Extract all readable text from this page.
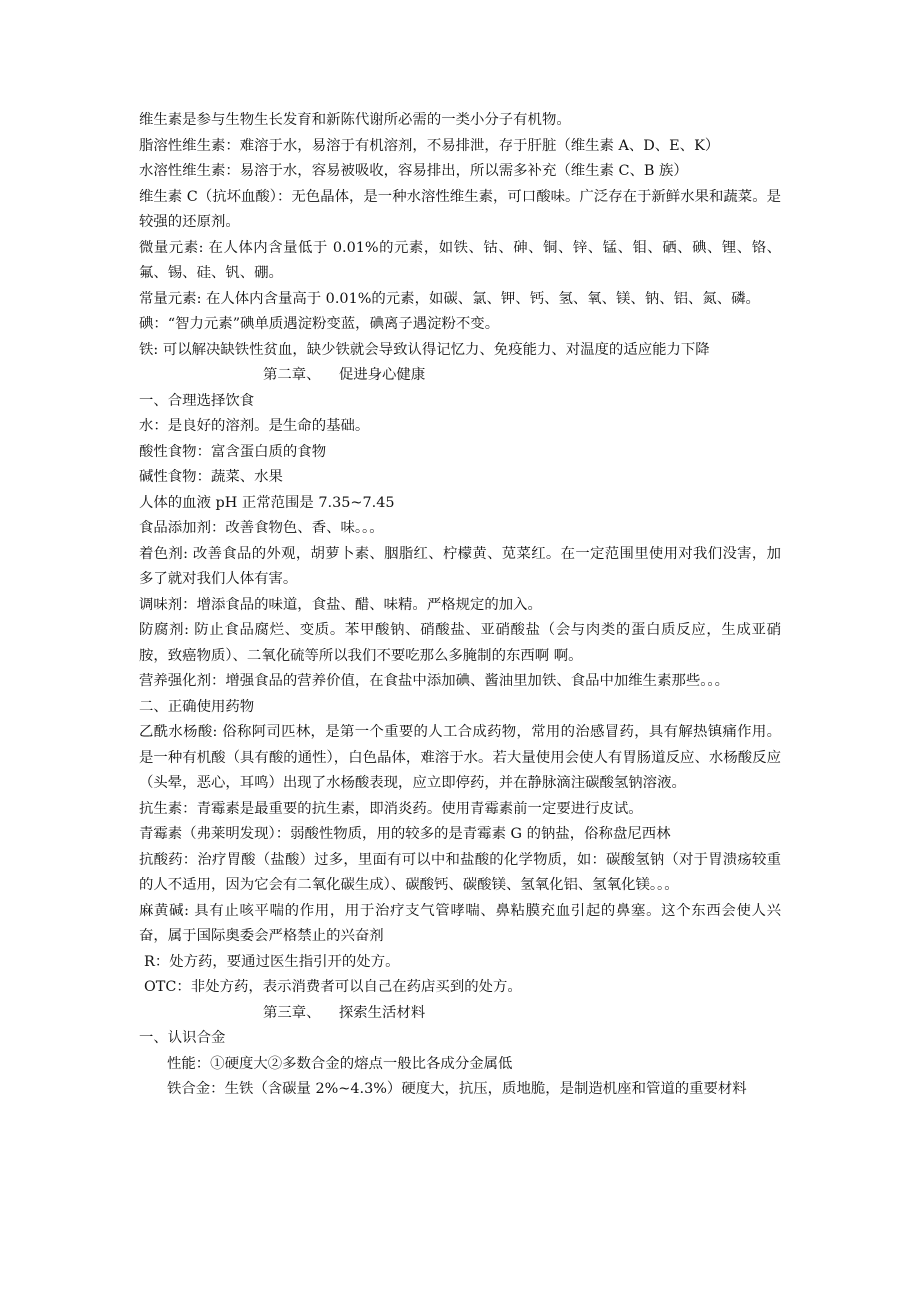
维生素是参与生物生长发育和新陈代谢所必需的一类小分子有机物。

脂溶性维生素：难溶于水，易溶于有机溶剂，不易排泄，存于肝脏（维生素 A、D、E、K）

水溶性维生素：易溶于水，容易被吸收，容易排出，所以需多补充（维生素 C、B 族）

维生素 C（抗坏血酸）：无色晶体，是一种水溶性维生素，可口酸味。广泛存在于新鲜水果和蔬菜。是较强的还原剂。

微量元素: 在人体内含量低于 0.01%的元素，如铁、钴、砷、铜、锌、锰、钼、硒、碘、锂、铬、氟、锡、硅、钒、硼。

常量元素: 在人体内含量高于 0.01%的元素，如碳、氯、钾、钙、氢、氧、镁、钠、铝、氮、磷。

碘：“智力元素”碘单质遇淀粉变蓝，碘离子遇淀粉不变。

铁: 可以解决缺铁性贫血，缺少铁就会导致认得记忆力、免疫能力、对温度的适应能力下降

第二章、    促进身心健康

一、合理选择饮食

水：是良好的溶剂。是生命的基础。

酸性食物：富含蛋白质的食物

碱性食物：蔬菜、水果

人体的血液 pH 正常范围是 7.35~7.45

食品添加剂：改善食物色、香、味。。。

着色剂: 改善食品的外观，胡萝卜素、胭脂红、柠檬黄、苋菜红。在一定范围里使用对我们没害，加多了就对我们人体有害。

调味剂：增添食品的味道，食盐、醋、味精。严格规定的加入。

防腐剂: 防止食品腐烂、变质。苯甲酸钠、硝酸盐、亚硝酸盐（会与肉类的蛋白质反应，生成亚硝胺，致癌物质）、二氧化硫等所以我们不要吃那么多腌制的东西啊 啊。

营养强化剂：增强食品的营养价值，在食盐中添加碘、酱油里加铁、食品中加维生素那些。。。

二、正确使用药物

乙酰水杨酸: 俗称阿司匹林，是第一个重要的人工合成药物，常用的治感冒药，具有解热镇痛作用。是一种有机酸（具有酸的通性），白色晶体，难溶于水。若大量使用会使人有胃肠道反应、水杨酸反应（头晕，恶心，耳鸣）出现了水杨酸表现，应立即停药，并在静脉滴注碳酸氢钠溶液。

抗生素：青霉素是最重要的抗生素，即消炎药。使用青霉素前一定要进行皮试。

青霉素（弗莱明发现）：弱酸性物质，用的较多的是青霉素 G 的钠盐，俗称盘尼西林

抗酸药：治疗胃酸（盐酸）过多，里面有可以中和盐酸的化学物质，如：碳酸氢钠（对于胃溃疡较重的人不适用，因为它会有二氧化碳生成）、碳酸钙、碳酸镁、氢氧化铝、氢氧化镁。。。

麻黄碱: 具有止咳平喘的作用，用于治疗支气管哮喘、鼻粘膜充血引起的鼻塞。这个东西会使人兴奋，属于国际奥委会严格禁止的兴奋剂

R：处方药，要通过医生指引开的处方。

OTC：非处方药，表示消费者可以自己在药店买到的处方。

第三章、    探索生活材料

一、认识合金

性能：①硬度大②多数合金的熔点一般比各成分金属低

铁合金：生铁（含碳量 2%~4.3%）硬度大，抗压，质地脆，是制造机座和管道的重要材料
